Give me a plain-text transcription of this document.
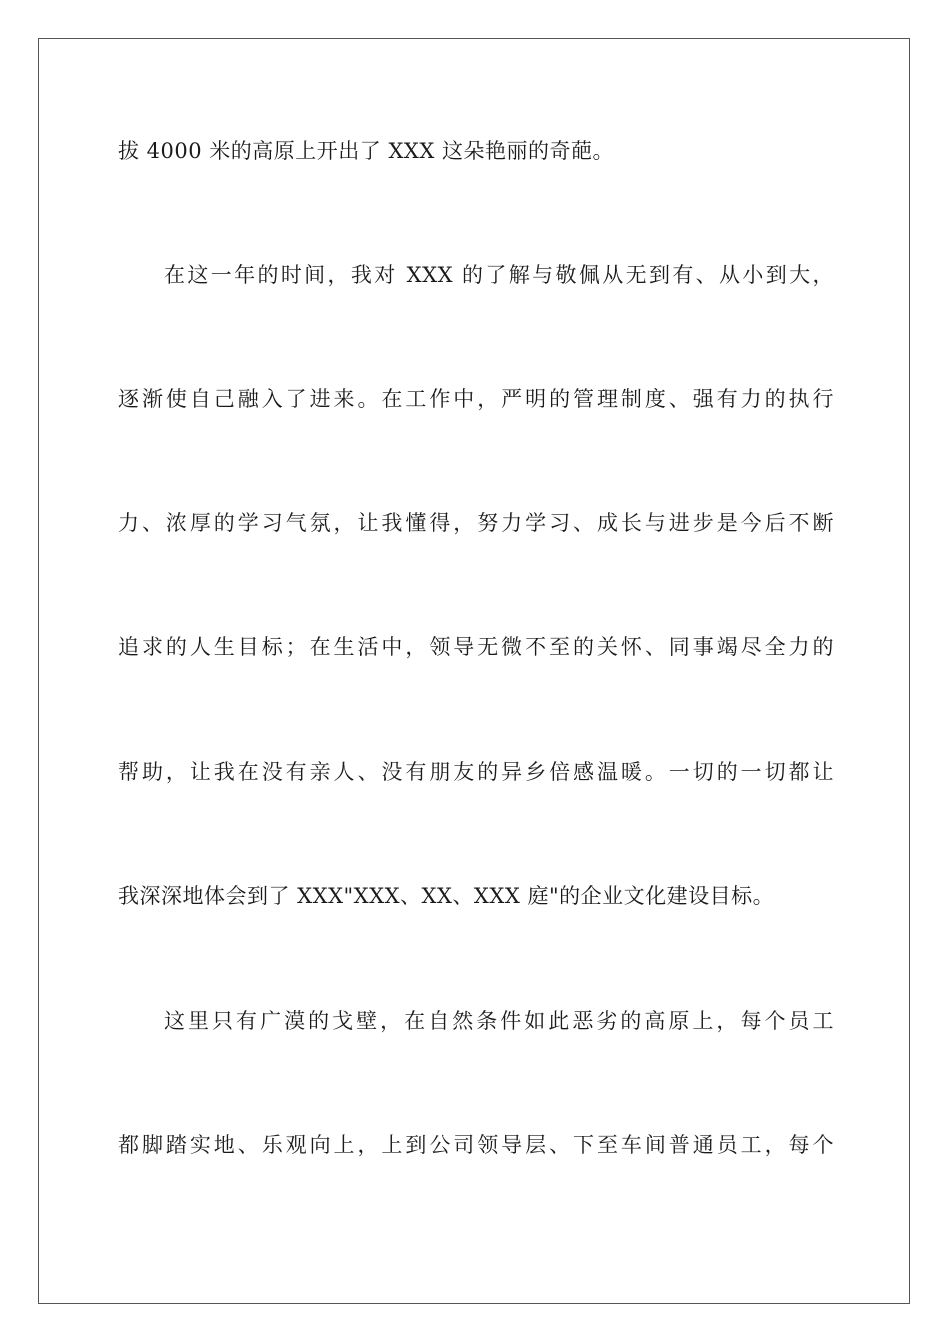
拔 4000 米的高原上开出了 XXX 这朵艳丽的奇葩。
在这一年的时间，我对 XXX 的了解与敬佩从无到有、从小到大，
逐渐使自己融入了进来。在工作中，严明的管理制度、强有力的执行
力、浓厚的学习气氛，让我懂得，努力学习、成长与进步是今后不断
追求的人生目标；在生活中，领导无微不至的关怀、同事竭尽全力的
帮助，让我在没有亲人、没有朋友的异乡倍感温暖。一切的一切都让
我深深地体会到了 XXX"XXX、XX、XXX 庭"的企业文化建设目标。
这里只有广漠的戈壁，在自然条件如此恶劣的高原上，每个员工
都脚踏实地、乐观向上，上到公司领导层、下至车间普通员工，每个
